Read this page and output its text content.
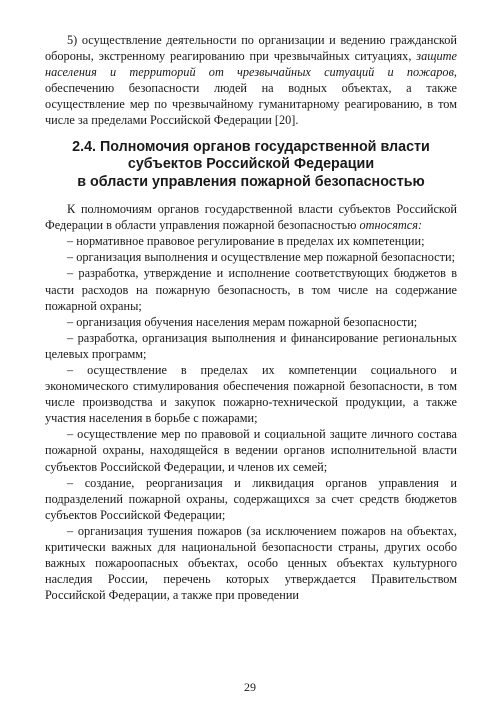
5) осуществление деятельности по организации и ведению гражданской обороны, экстренному реагированию при чрезвычайных ситуациях, защите населения и территорий от чрезвычайных ситуаций и пожаров, обеспечению безопасности людей на водных объектах, а также осуществление мер по чрезвычайному гуманитарному реагированию, в том числе за пределами Российской Федерации [20].

2.4. Полномочия органов государственной власти
субъектов Российской Федерации
в области управления пожарной безопасностью

К полномочиям органов государственной власти субъектов Российской Федерации в области управления пожарной безопасностью относятся:

– нормативное правовое регулирование в пределах их компетенции;

– организация выполнения и осуществление мер пожарной безопасности;

– разработка, утверждение и исполнение соответствующих бюджетов в части расходов на пожарную безопасность, в том числе на содержание пожарной охраны;

– организация обучения населения мерам пожарной безопасности;

– разработка, организация выполнения и финансирование региональных целевых программ;

– осуществление в пределах их компетенции социального и экономического стимулирования обеспечения пожарной безопасности, в том числе производства и закупок пожарно-технической продукции, а также участия населения в борьбе с пожарами;

– осуществление мер по правовой и социальной защите личного состава пожарной охраны, находящейся в ведении органов исполнительной власти субъектов Российской Федерации, и членов их семей;

– создание, реорганизация и ликвидация органов управления и подразделений пожарной охраны, содержащихся за счет средств бюджетов субъектов Российской Федерации;

– организация тушения пожаров (за исключением пожаров на объектах, критически важных для национальной безопасности страны, других особо важных пожароопасных объектах, особо ценных объектах культурного наследия России, перечень которых утверждается Правительством Российской Федерации, а также при проведении

29
